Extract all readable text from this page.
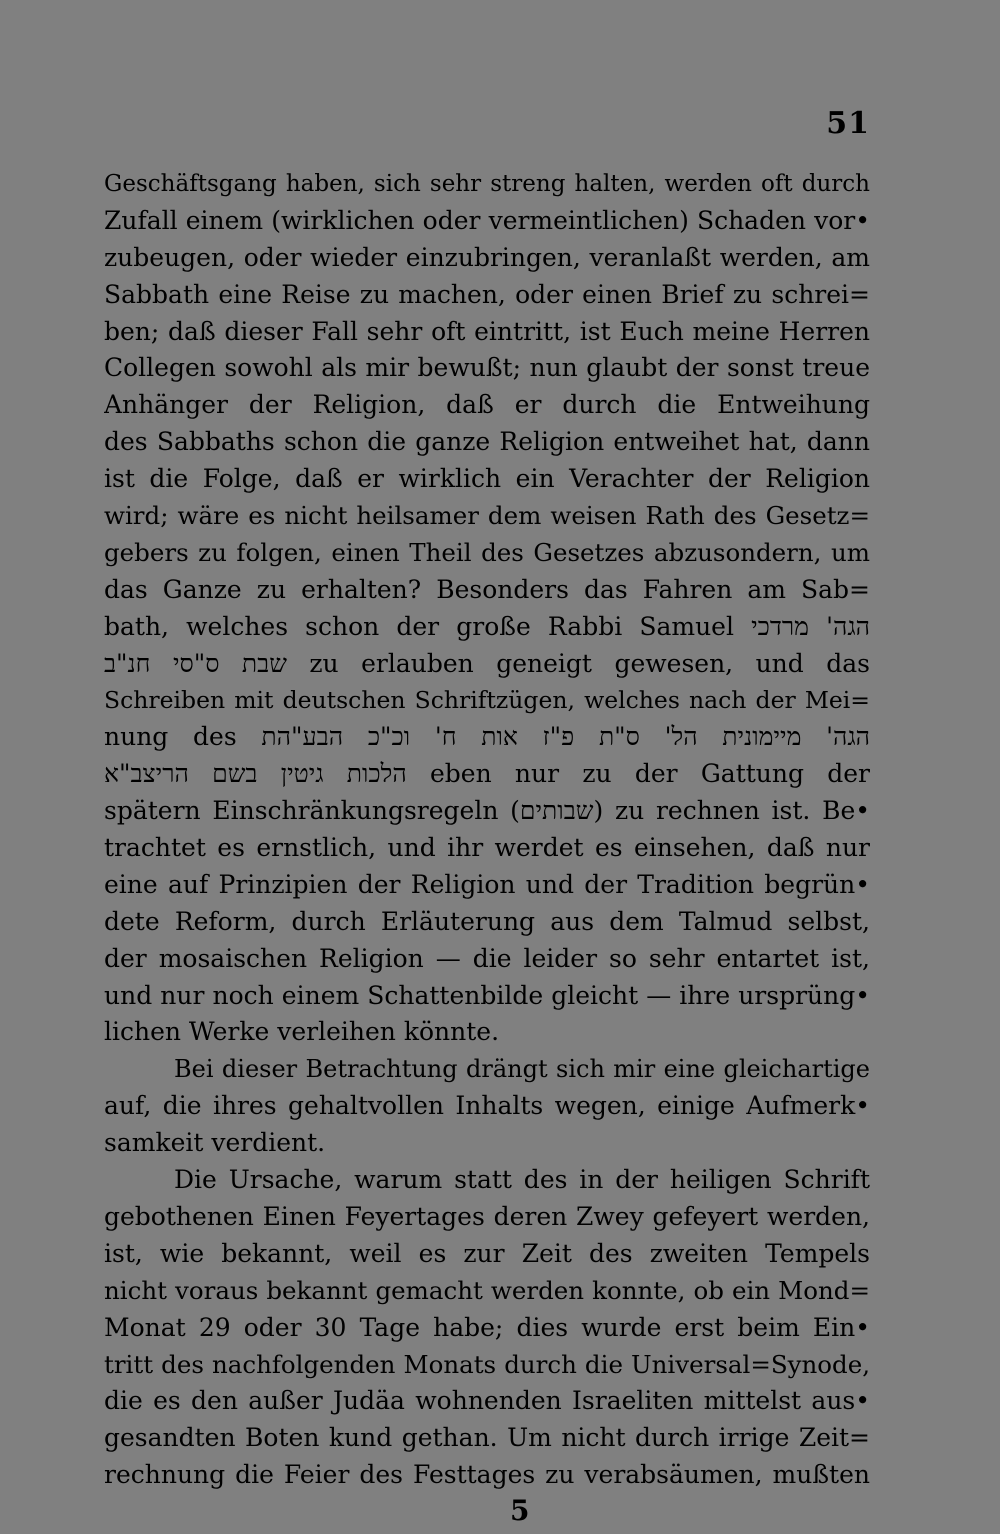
51
Geschäftsgang haben, sich sehr streng halten, werden oft durch
Zufall einem (wirklichen oder vermeintlichen) Schaden vor•
zubeugen, oder wieder einzubringen, veranlaßt werden, am
Sabbath eine Reise zu machen, oder einen Brief zu schrei=
ben; daß dieser Fall sehr oft eintritt, ist Euch meine Herren
Collegen sowohl als mir bewußt; nun glaubt der sonst treue
Anhänger der Religion, daß er durch die Entweihung
des Sabbaths schon die ganze Religion entweihet hat, dann
ist die Folge, daß er wirklich ein Verachter der Religion
wird; wäre es nicht heilsamer dem weisen Rath des Gesetz=
gebers zu folgen, einen Theil des Gesetzes abzusondern, um
das Ganze zu erhalten? Besonders das Fahren am Sab=
bath, welches schon der große Rabbi Samuel הגה' מרדכי
שבת ס"סי חנ"ב zu erlauben geneigt gewesen, und das
Schreiben mit deutschen Schriftzügen, welches nach der Mei=
nung des הגה' מיימונית הל' ס"ת פ"ז אות ח' וכ"כ הבע"הת
הלכות גיטין בשם הריצב"א eben nur zu der Gattung der
spätern Einschränkungsregeln (שבותים) zu rechnen ist. Be•
trachtet es ernstlich, und ihr werdet es einsehen, daß nur
eine auf Prinzipien der Religion und der Tradition begrün•
dete Reform, durch Erläuterung aus dem Talmud selbst,
der mosaischen Religion — die leider so sehr entartet ist,
und nur noch einem Schattenbilde gleicht — ihre ursprüng•
lichen Werke verleihen könnte.
Bei dieser Betrachtung drängt sich mir eine gleichartige
auf, die ihres gehaltvollen Inhalts wegen, einige Aufmerk•
samkeit verdient.
Die Ursache, warum statt des in der heiligen Schrift
gebothenen Einen Feyertages deren Zwey gefeyert werden,
ist, wie bekannt, weil es zur Zeit des zweiten Tempels
nicht voraus bekannt gemacht werden konnte, ob ein Mond=
Monat 29 oder 30 Tage habe; dies wurde erst beim Ein•
tritt des nachfolgenden Monats durch die Universal=Synode,
die es den außer Judäa wohnenden Israeliten mittelst aus•
gesandten Boten kund gethan. Um nicht durch irrige Zeit=
rechnung die Feier des Festtages zu verabsäumen, mußten
5
